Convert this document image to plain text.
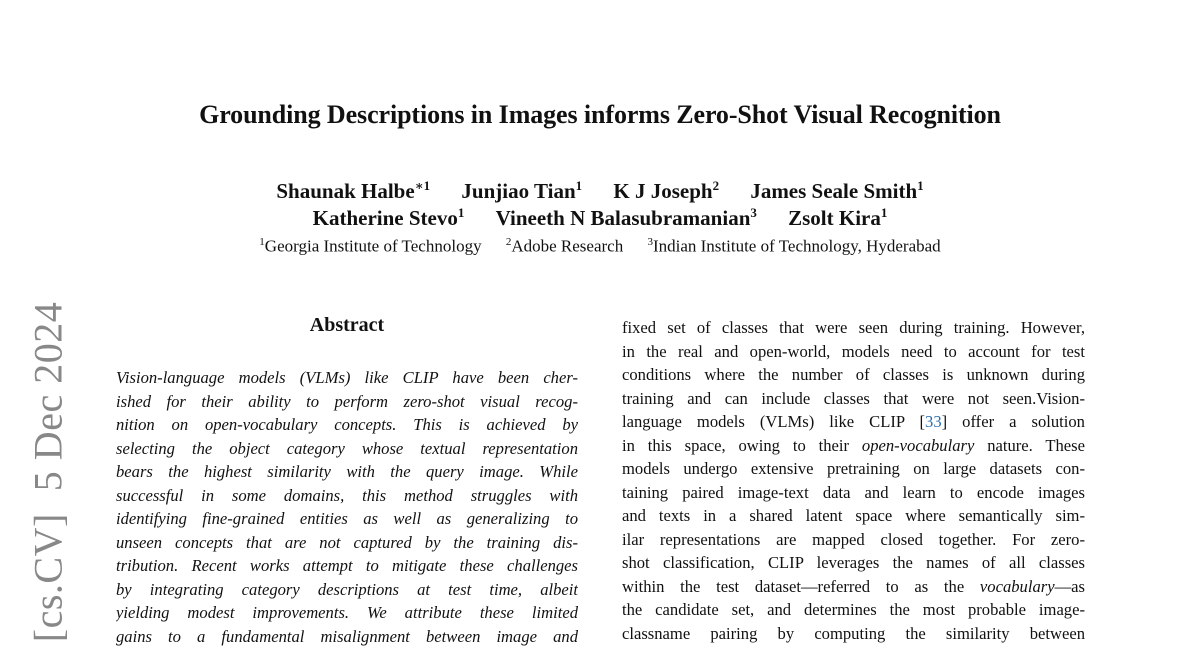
[cs.CV]5 Dec 2024
Grounding Descriptions in Images informs Zero-Shot Visual Recognition
Shaunak Halbe$^{∗1}$ Junjiao Tian$^1$ K J Joseph$^2$ James Seale Smith$^1$
Katherine Stevo$^1$ Vineeth N Balasubramanian$^3$ Zsolt Kira$^1$
$^1$Georgia Institute of Technology $^2$Adobe Research $^3$Indian Institute of Technology, Hyderabad
Abstract
Vision-language models (VLMs) like CLIP have been cher-
ished for their ability to perform zero-shot visual recog-
nition on open-vocabulary concepts. This is achieved by
selecting the object category whose textual representation
bears the highest similarity with the query image. While
successful in some domains, this method struggles with
identifying fine-grained entities as well as generalizing to
unseen concepts that are not captured by the training dis-
tribution. Recent works attempt to mitigate these challenges
by integrating category descriptions at test time, albeit
yielding modest improvements. We attribute these limited
gains to a fundamental misalignment between image and
fixed set of classes that were seen during training. However,
in the real and open-world, models need to account for test
conditions where the number of classes is unknown during
training and can include classes that were not seen.Vision-
language models (VLMs) like CLIP [33] offer a solution
in this space, owing to their open-vocabulary nature. These
models undergo extensive pretraining on large datasets con-
taining paired image-text data and learn to encode images
and texts in a shared latent space where semantically sim-
ilar representations are mapped closed together. For zero-
shot classification, CLIP leverages the names of all classes
within the test dataset—referred to as the vocabulary—as
the candidate set, and determines the most probable image-
classname pairing by computing the similarity between
